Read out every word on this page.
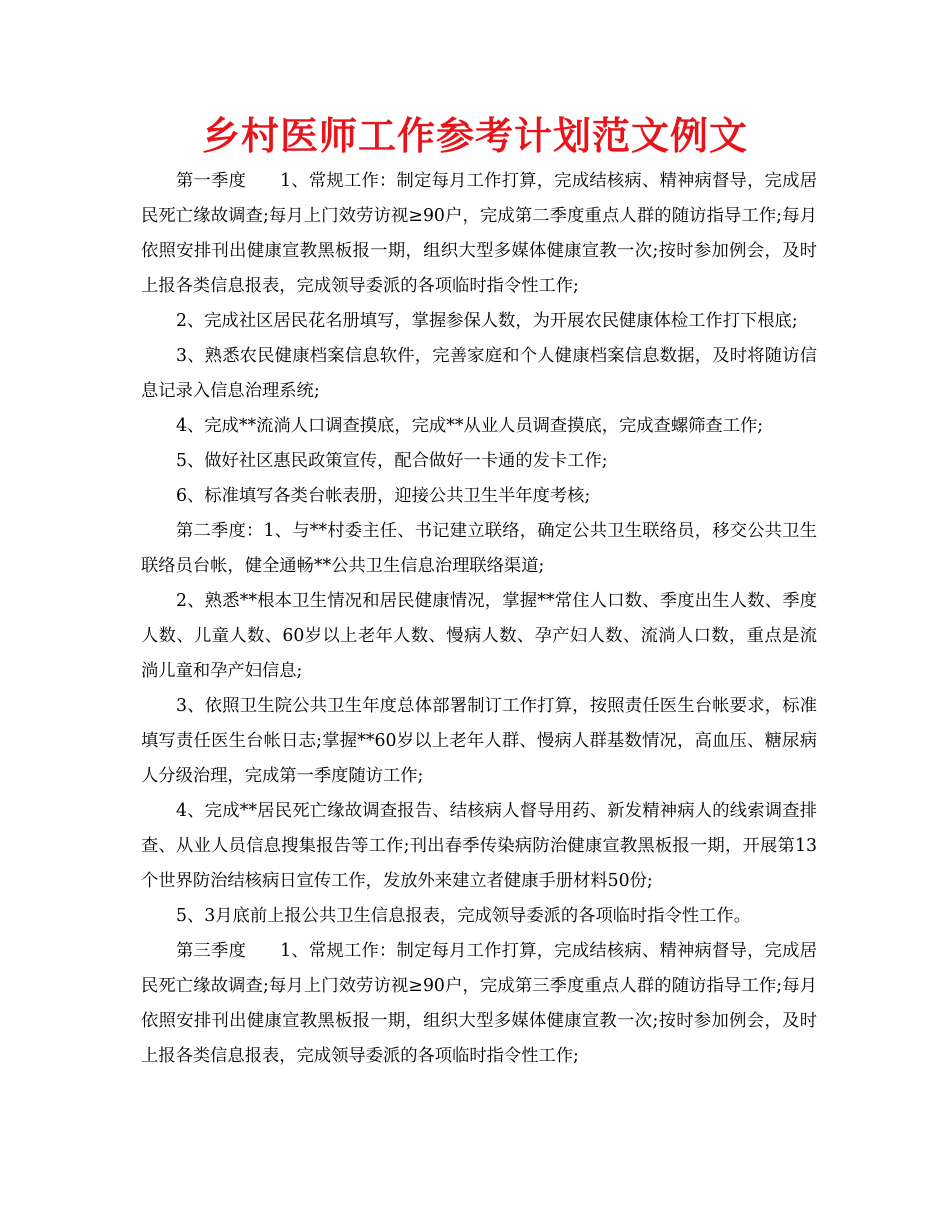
乡村医师工作参考计划范文例文

第一季度 1、常规工作：制定每月工作打算，完成结核病、精神病督导，完成居民死亡缘故调查;每月上门效劳访视≥90户，完成第二季度重点人群的随访指导工作;每月依照安排刊出健康宣教黑板报一期，组织大型多媒体健康宣教一次;按时参加例会，及时上报各类信息报表，完成领导委派的各项临时指令性工作;

2、完成社区居民花名册填写，掌握参保人数，为开展农民健康体检工作打下根底;

3、熟悉农民健康档案信息软件，完善家庭和个人健康档案信息数据，及时将随访信息记录入信息治理系统;

4、完成**流淌人口调查摸底，完成**从业人员调查摸底，完成查螺筛查工作;

5、做好社区惠民政策宣传，配合做好一卡通的发卡工作;

6、标准填写各类台帐表册，迎接公共卫生半年度考核;

第二季度：1、与**村委主任、书记建立联络，确定公共卫生联络员，移交公共卫生联络员台帐，健全通畅**公共卫生信息治理联络渠道;

2、熟悉**根本卫生情况和居民健康情况，掌握**常住人口数、季度出生人数、季度人数、儿童人数、60岁以上老年人数、慢病人数、孕产妇人数、流淌人口数，重点是流淌儿童和孕产妇信息;

3、依照卫生院公共卫生年度总体部署制订工作打算，按照责任医生台帐要求，标准填写责任医生台帐日志;掌握**60岁以上老年人群、慢病人群基数情况，高血压、糖尿病人分级治理，完成第一季度随访工作;

4、完成**居民死亡缘故调查报告、结核病人督导用药、新发精神病人的线索调查排查、从业人员信息搜集报告等工作;刊出春季传染病防治健康宣教黑板报一期，开展第13个世界防治结核病日宣传工作，发放外来建立者健康手册材料50份;

5、3月底前上报公共卫生信息报表，完成领导委派的各项临时指令性工作。

第三季度 1、常规工作：制定每月工作打算，完成结核病、精神病督导，完成居民死亡缘故调查;每月上门效劳访视≥90户，完成第三季度重点人群的随访指导工作;每月依照安排刊出健康宣教黑板报一期，组织大型多媒体健康宣教一次;按时参加例会，及时上报各类信息报表，完成领导委派的各项临时指令性工作;
